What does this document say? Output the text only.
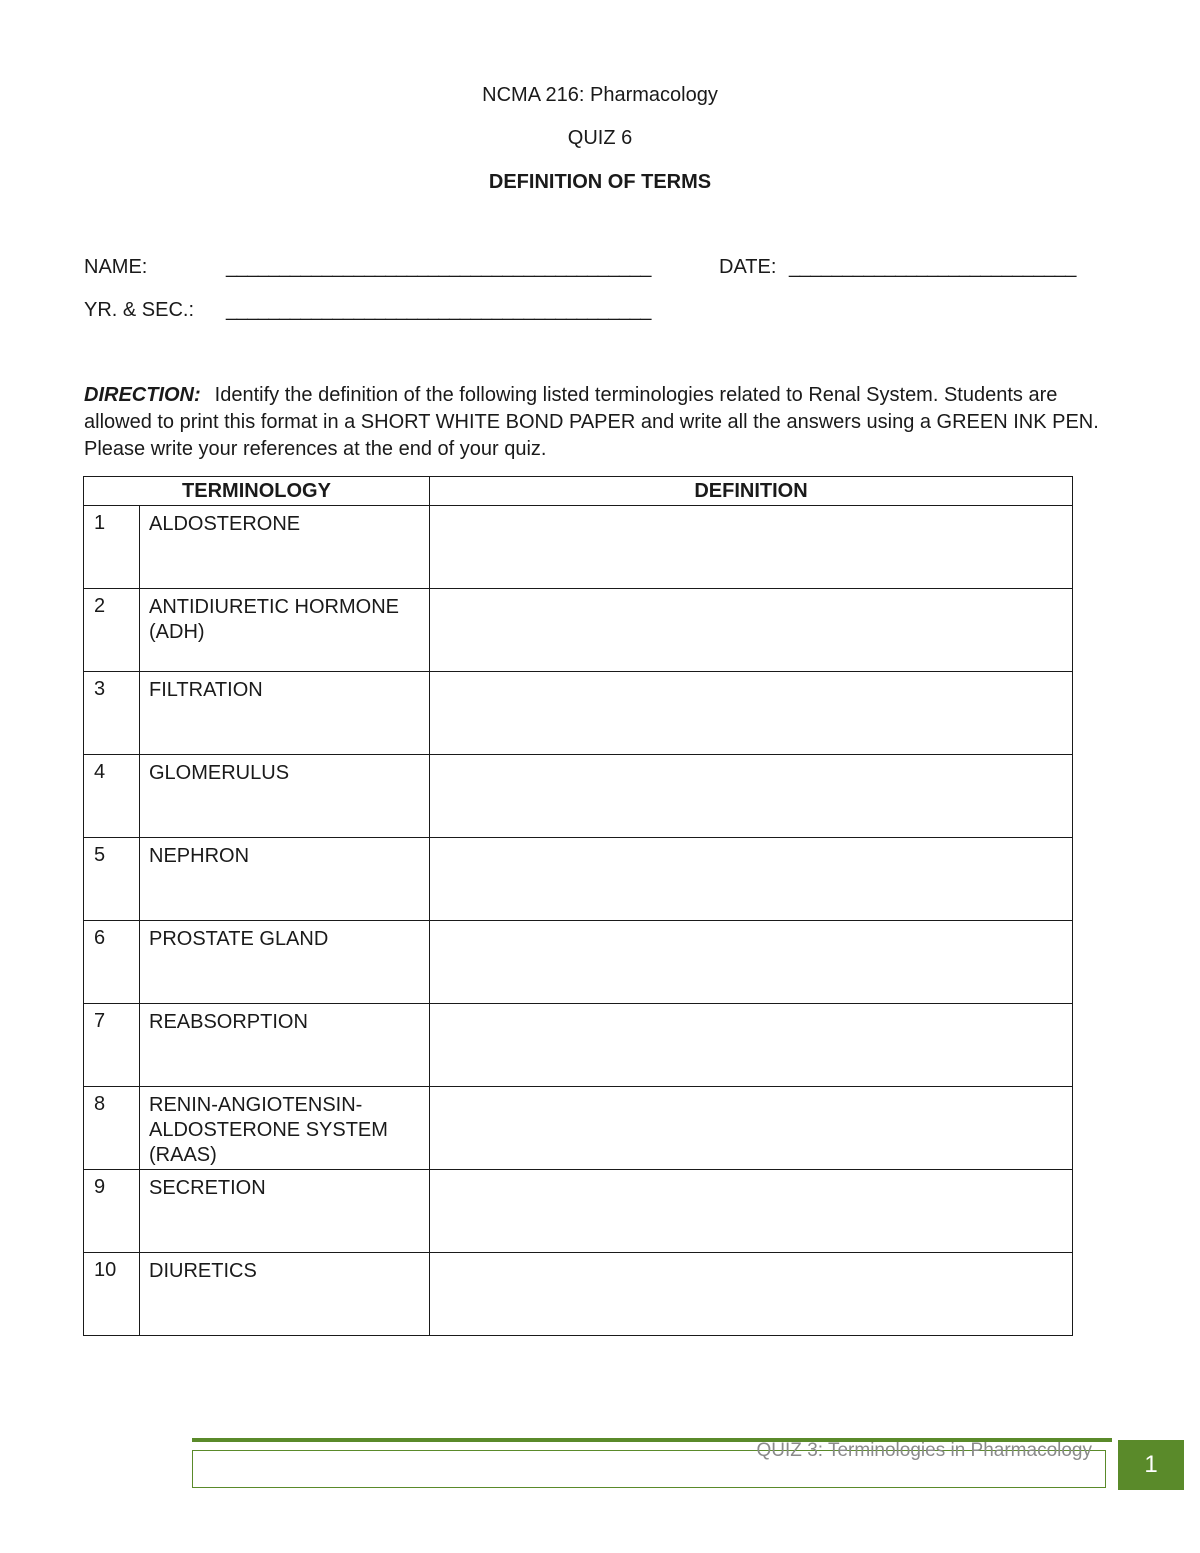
NCMA 216: Pharmacology
QUIZ 6
DEFINITION OF TERMS
NAME:	________________________________________	DATE: ___________________________
YR. & SEC.: ________________________________________
DIRECTION: Identify the definition of the following listed terminologies related to Renal System. Students are allowed to print this format in a SHORT WHITE BOND PAPER and write all the answers using a GREEN INK PEN. Please write your references at the end of your quiz.
TERMINOLOGY		DEFINITION
1	ALDOSTERONE	
2	ANTIDIURETIC HORMONE (ADH)	
3	FILTRATION	
4	GLOMERULUS	
5	NEPHRON	
6	PROSTATE GLAND	
7	REABSORPTION	
8	RENIN-ANGIOTENSIN-ALDOSTERONE SYSTEM (RAAS)	
9	SECRETION	
10	DIURETICS	
QUIZ 3: Terminologies in Pharmacology
1
